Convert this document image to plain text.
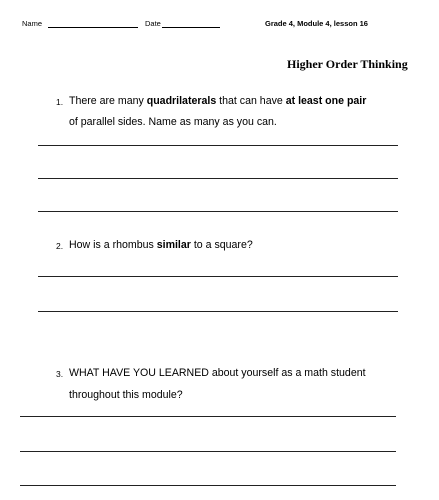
Name	Date	Grade 4, Module 4, lesson 16
Higher Order Thinking
1. There are many quadrilaterals that can have at least one pair
of parallel sides. Name as many as you can.
2. How is a rhombus similar to a square?
3. WHAT HAVE YOU LEARNED about yourself as a math student
throughout this module?
